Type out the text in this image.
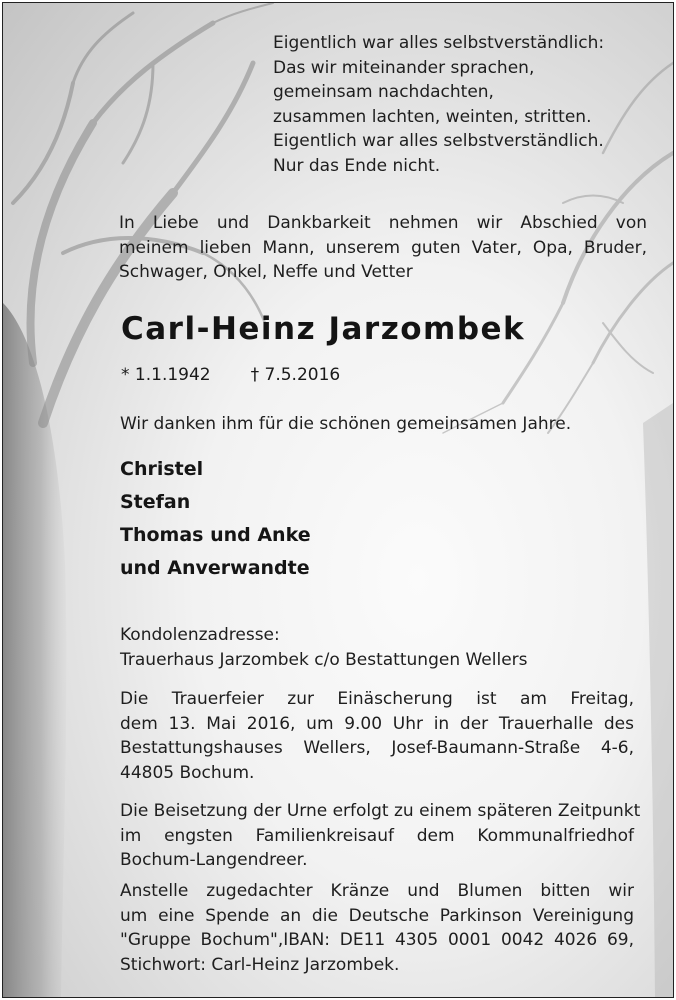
Eigentlich war alles selbstverständlich:
Das wir miteinander sprachen,
gemeinsam nachdachten,
zusammen lachten, weinten, stritten.
Eigentlich war alles selbstverständlich.
Nur das Ende nicht.
In Liebe und Dankbarkeit nehmen wir Abschied von
meinem lieben Mann, unserem guten Vater, Opa, Bruder,
Schwager, Onkel, Neffe und Vetter
Carl-Heinz Jarzombek
* 1.1.1942 † 7.5.2016
Wir danken ihm für die schönen gemeinsamen Jahre.
Christel
Stefan
Thomas und Anke
und Anverwandte
Kondolenzadresse:
Trauerhaus Jarzombek c/o Bestattungen Wellers
Die Trauerfeier zur Einäscherung ist am Freitag,
dem 13. Mai 2016, um 9.00 Uhr in der Trauerhalle des
Bestattungshauses Wellers, Josef-Baumann-Straße 4-6,
44805 Bochum.
Die Beisetzung der Urne erfolgt zu einem späteren Zeitpunkt
im engsten Familienkreisauf dem Kommunalfriedhof
Bochum-Langendreer.
Anstelle zugedachter Kränze und Blumen bitten wir
um eine Spende an die Deutsche Parkinson Vereinigung
"Gruppe Bochum",IBAN: DE11 4305 0001 0042 4026 69,
Stichwort: Carl-Heinz Jarzombek.
